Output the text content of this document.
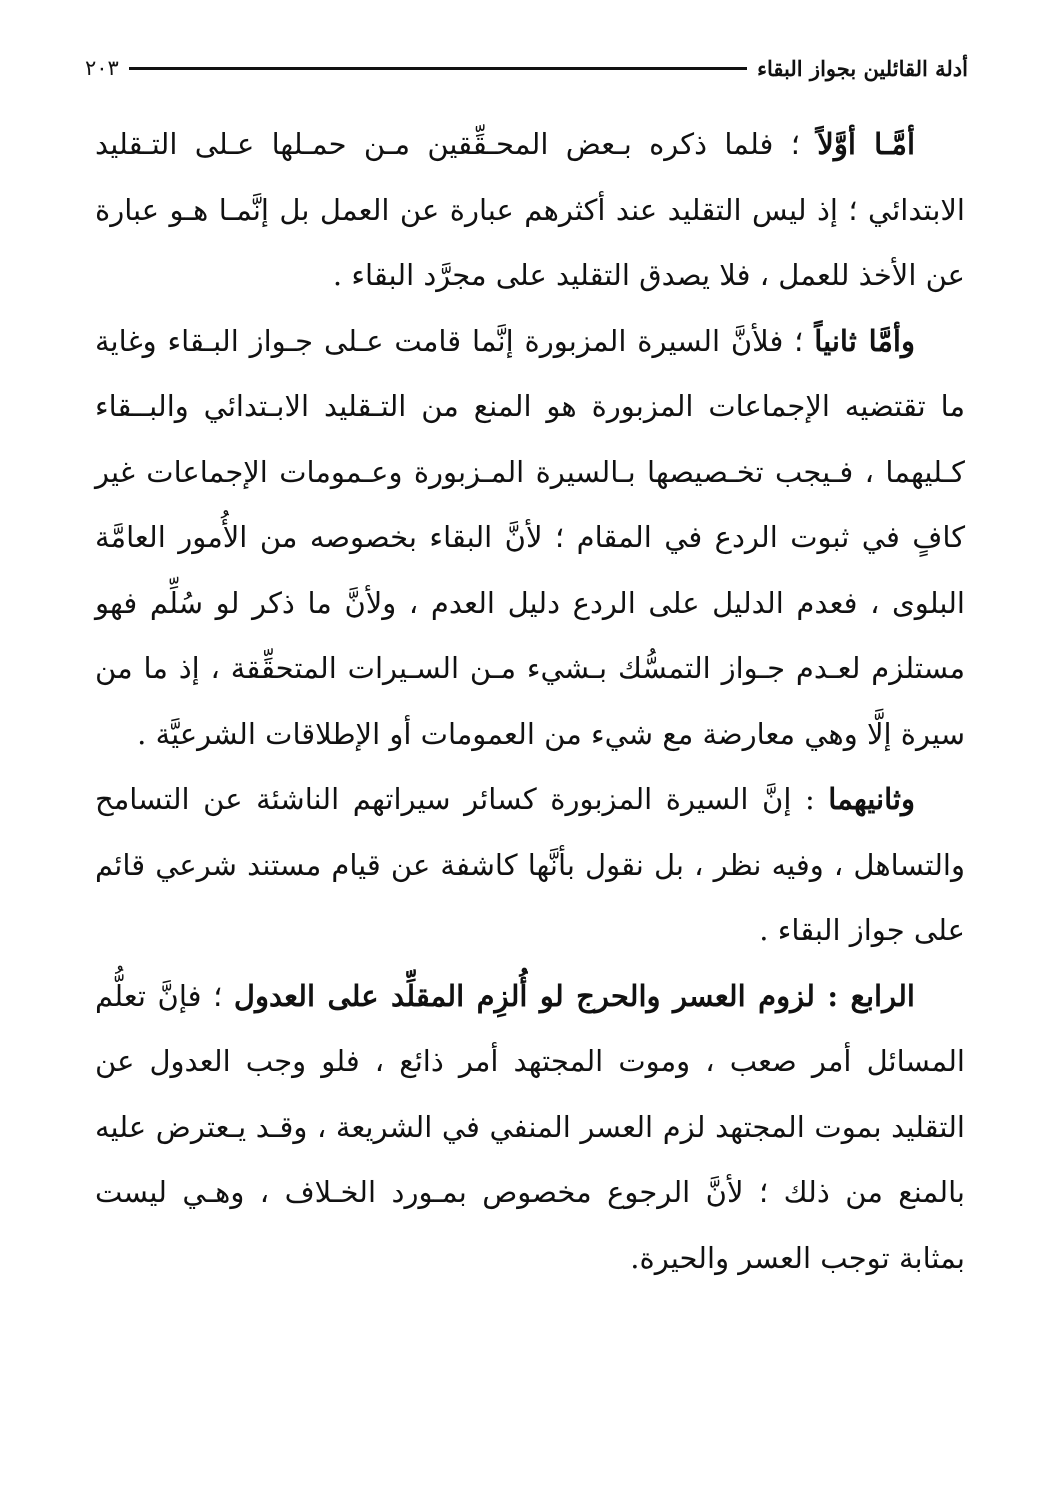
أدلة القائلين بجواز البقاء
٢٠٣

أمَّـا أوَّلاً ؛ فلما ذكره بـعض المحـقِّقين مـن حمـلها عـلى التـقليد الابتدائي ؛ إذ ليس التقليد عند أكثرهم عبارة عن العمل بل إنَّمـا هـو عبارة عن الأخذ للعمل ، فلا يصدق التقليد على مجرَّد البقاء .

وأمَّا ثانياً ؛ فلأنَّ السيرة المزبورة إنَّما قامت عـلى جـواز البـقاء وغاية ما تقتضيه الإجماعات المزبورة هو المنع من التـقليد الابـتدائي والبــقاء كـليهما ، فـيجب تخـصيصها بـالسيرة المـزبورة وعـمومات الإجماعات غير كافٍ في ثبوت الردع في المقام ؛ لأنَّ البقاء بخصوصه من الأُمور العامَّة البلوى ، فعدم الدليل على الردع دليل العدم ، ولأنَّ ما ذكر لو سُلِّم فهو مستلزم لعـدم جـواز التمسُّك بـشيء مـن السـيرات المتحقِّقة ، إذ ما من سيرة إلَّا وهي معارضة مع شيء من العمومات أو الإطلاقات الشرعيَّة .

وثانيهما : إنَّ السيرة المزبورة كسائر سيراتهم الناشئة عن التسامح والتساهل ، وفيه نظر ، بل نقول بأنَّها كاشفة عن قيام مستند شرعي قائم على جواز البقاء .

الرابع : لزوم العسر والحرج لو أُلزِم المقلِّد على العدول ؛ فإنَّ تعلُّم المسائل أمر صعب ، وموت المجتهد أمر ذائع ، فلو وجب العدول عن التقليد بموت المجتهد لزم العسر المنفي في الشريعة ، وقـد يـعترض عليه بالمنع من ذلك ؛ لأنَّ الرجوع مخصوص بمـورد الخـلاف ، وهـي ليست بمثابة توجب العسر والحيرة.
